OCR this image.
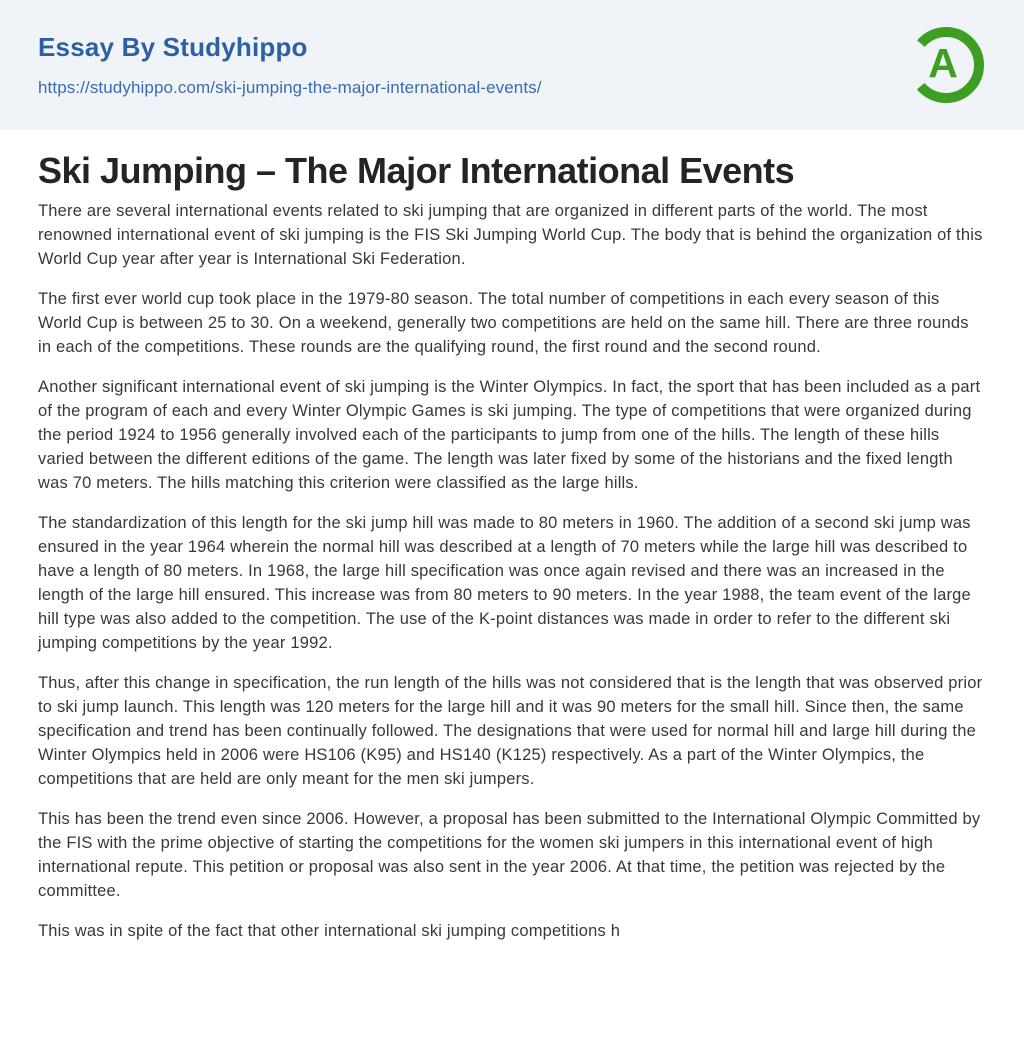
Essay By Studyhippo
https://studyhippo.com/ski-jumping-the-major-international-events/
A
Ski Jumping – The Major International Events

There are several international events related to ski jumping that are organized in different parts of the world. The most renowned international event of ski jumping is the FIS Ski Jumping World Cup. The body that is behind the organization of this World Cup year after year is International Ski Federation.

The first ever world cup took place in the 1979-80 season. The total number of competitions in each every season of this World Cup is between 25 to 30. On a weekend, generally two competitions are held on the same hill. There are three rounds in each of the competitions. These rounds are the qualifying round, the first round and the second round.

Another significant international event of ski jumping is the Winter Olympics. In fact, the sport that has been included as a part of the program of each and every Winter Olympic Games is ski jumping. The type of competitions that were organized during the period 1924 to 1956 generally involved each of the participants to jump from one of the hills. The length of these hills varied between the different editions of the game. The length was later fixed by some of the historians and the fixed length was 70 meters. The hills matching this criterion were classified as the large hills.

The standardization of this length for the ski jump hill was made to 80 meters in 1960. The addition of a second ski jump was ensured in the year 1964 wherein the normal hill was described at a length of 70 meters while the large hill was described to have a length of 80 meters. In 1968, the large hill specification was once again revised and there was an increased in the length of the large hill ensured. This increase was from 80 meters to 90 meters. In the year 1988, the team event of the large hill type was also added to the competition. The use of the K-point distances was made in order to refer to the different ski jumping competitions by the year 1992.

Thus, after this change in specification, the run length of the hills was not considered that is the length that was observed prior to ski jump launch. This length was 120 meters for the large hill and it was 90 meters for the small hill. Since then, the same specification and trend has been continually followed. The designations that were used for normal hill and large hill during the Winter Olympics held in 2006 were HS106 (K95) and HS140 (K125) respectively. As a part of the Winter Olympics, the competitions that are held are only meant for the men ski jumpers.

This has been the trend even since 2006. However, a proposal has been submitted to the International Olympic Committed by the FIS with the prime objective of starting the competitions for the women ski jumpers in this international event of high international repute. This petition or proposal was also sent in the year 2006. At that time, the petition was rejected by the committee.

This was in spite of the fact that other international ski jumping competitions h
